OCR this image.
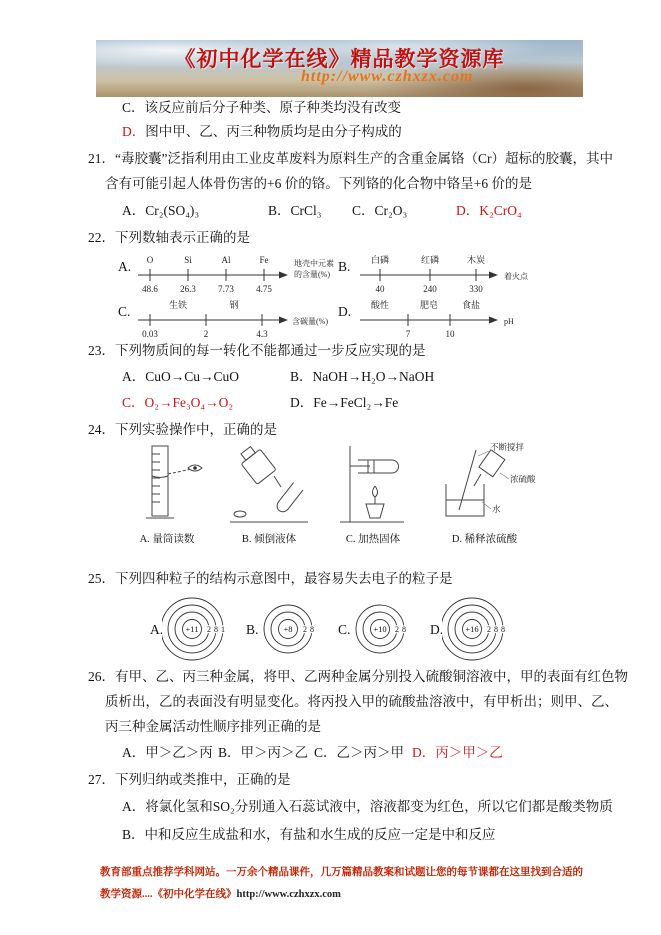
《初中化学在线》精品教学资源库
http://www.czhxzx.com
C．该反应前后分子种类、原子种类均没有改变
D．图中甲、乙、丙三种物质均是由分子构成的
21．“毒胶囊”泛指利用由工业皮革废料为原料生产的含重金属铬（Cr）超标的胶囊，其中
含有可能引起人体骨伤害的+6 价的铬。下列铬的化合物中铬呈+6 价的是
A．Cr₂(SO₄)₃	B．CrCl₃ C．Cr₂O₃	D．K₂CrO₄
22．下列数轴表示正确的是
A. O	Si	Al	Fe
48.6 26.3 7.73 4.75
地壳中元素
的含量(%)
B. 白磷	红磷	木炭
40	240	330
着火点
C.	生铁	钢
0.03	2	4.3
含碳量(%)
D. 酸性	肥皂	食盐
7	10
pH
23．下列物质间的每一转化不能都通过一步反应实现的是
A．CuO→Cu→CuO	B．NaOH→H₂O→NaOH
C．O₂→Fe₃O₄→O₂	D．Fe→FeCl₂→Fe
24．下列实验操作中，正确的是
不断搅拌
浓硫酸
水
A. 量筒读数	B. 倾倒液体	C. 加热固体	D. 稀释浓硫酸
25．下列四种粒子的结构示意图中，最容易失去电子的粒子是
A.	+11 2 8 1 B.	+8 2 8 C.	+10 2 8 D.	+16 2 8 8
26．有甲、乙、丙三种金属，将甲、乙两种金属分别投入硫酸铜溶液中，甲的表面有红色物
质析出，乙的表面没有明显变化。将丙投入甲的硫酸盐溶液中，有甲析出；则甲、乙、
丙三种金属活动性顺序排列正确的是
A．甲＞乙＞丙 B．甲＞丙＞乙 C．乙＞丙＞甲 D．丙＞甲＞乙
27．下列归纳或类推中，正确的是
A．将氯化氢和SO₂分别通入石蕊试液中，溶液都变为红色，所以它们都是酸类物质
B．中和反应生成盐和水，有盐和水生成的反应一定是中和反应
教育部重点推荐学科网站。一万余个精品课件，几万篇精品教案和试题让您的每节课都在这里找到合适的
教学资源....《初中化学在线》http://www.czhxzx.com
